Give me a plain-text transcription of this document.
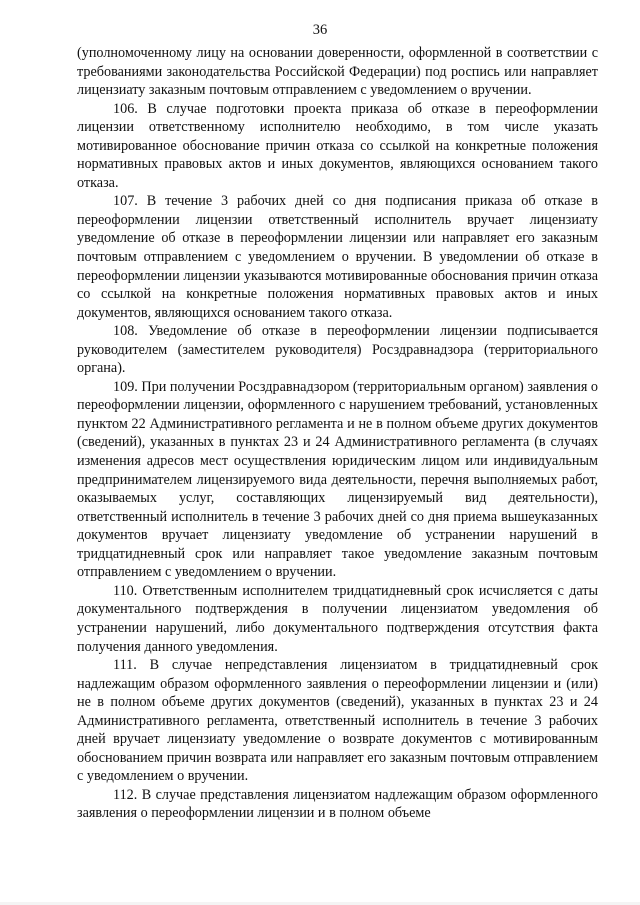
36

(уполномоченному лицу на основании доверенности, оформленной в соответствии с требованиями законодательства Российской Федерации) под роспись или направляет лицензиату заказным почтовым отправлением с уведомлением о вручении.

106. В случае подготовки проекта приказа об отказе в переоформлении лицензии ответственному исполнителю необходимо, в том числе указать мотивированное обоснование причин отказа со ссылкой на конкретные положения нормативных правовых актов и иных документов, являющихся основанием такого отказа.

107. В течение 3 рабочих дней со дня подписания приказа об отказе в переоформлении лицензии ответственный исполнитель вручает лицензиату уведомление об отказе в переоформлении лицензии или направляет его заказным почтовым отправлением с уведомлением о вручении. В уведомлении об отказе в переоформлении лицензии указываются мотивированные обоснования причин отказа со ссылкой на конкретные положения нормативных правовых актов и иных документов, являющихся основанием такого отказа.

108. Уведомление об отказе в переоформлении лицензии подписывается руководителем (заместителем руководителя) Росздравнадзора (территориального органа).

109. При получении Росздравнадзором (территориальным органом) заявления о переоформлении лицензии, оформленного с нарушением требований, установленных пунктом 22 Административного регламента и не в полном объеме других документов (сведений), указанных в пунктах 23 и 24 Административного регламента (в случаях изменения адресов мест осуществления юридическим лицом или индивидуальным предпринимателем лицензируемого вида деятельности, перечня выполняемых работ, оказываемых услуг, составляющих лицензируемый вид деятельности), ответственный исполнитель в течение 3 рабочих дней со дня приема вышеуказанных документов вручает лицензиату уведомление об устранении нарушений в тридцатидневный срок или направляет такое уведомление заказным почтовым отправлением с уведомлением о вручении.

110. Ответственным исполнителем тридцатидневный срок исчисляется с даты документального подтверждения в получении лицензиатом уведомления об устранении нарушений, либо документального подтверждения отсутствия факта получения данного уведомления.

111. В случае непредставления лицензиатом в тридцатидневный срок надлежащим образом оформленного заявления о переоформлении лицензии и (или) не в полном объеме других документов (сведений), указанных в пунктах 23 и 24 Административного регламента, ответственный исполнитель в течение 3 рабочих дней вручает лицензиату уведомление о возврате документов с мотивированным обоснованием причин возврата или направляет его заказным почтовым отправлением с уведомлением о вручении.

112. В случае представления лицензиатом надлежащим образом оформленного заявления о переоформлении лицензии и в полном объеме
